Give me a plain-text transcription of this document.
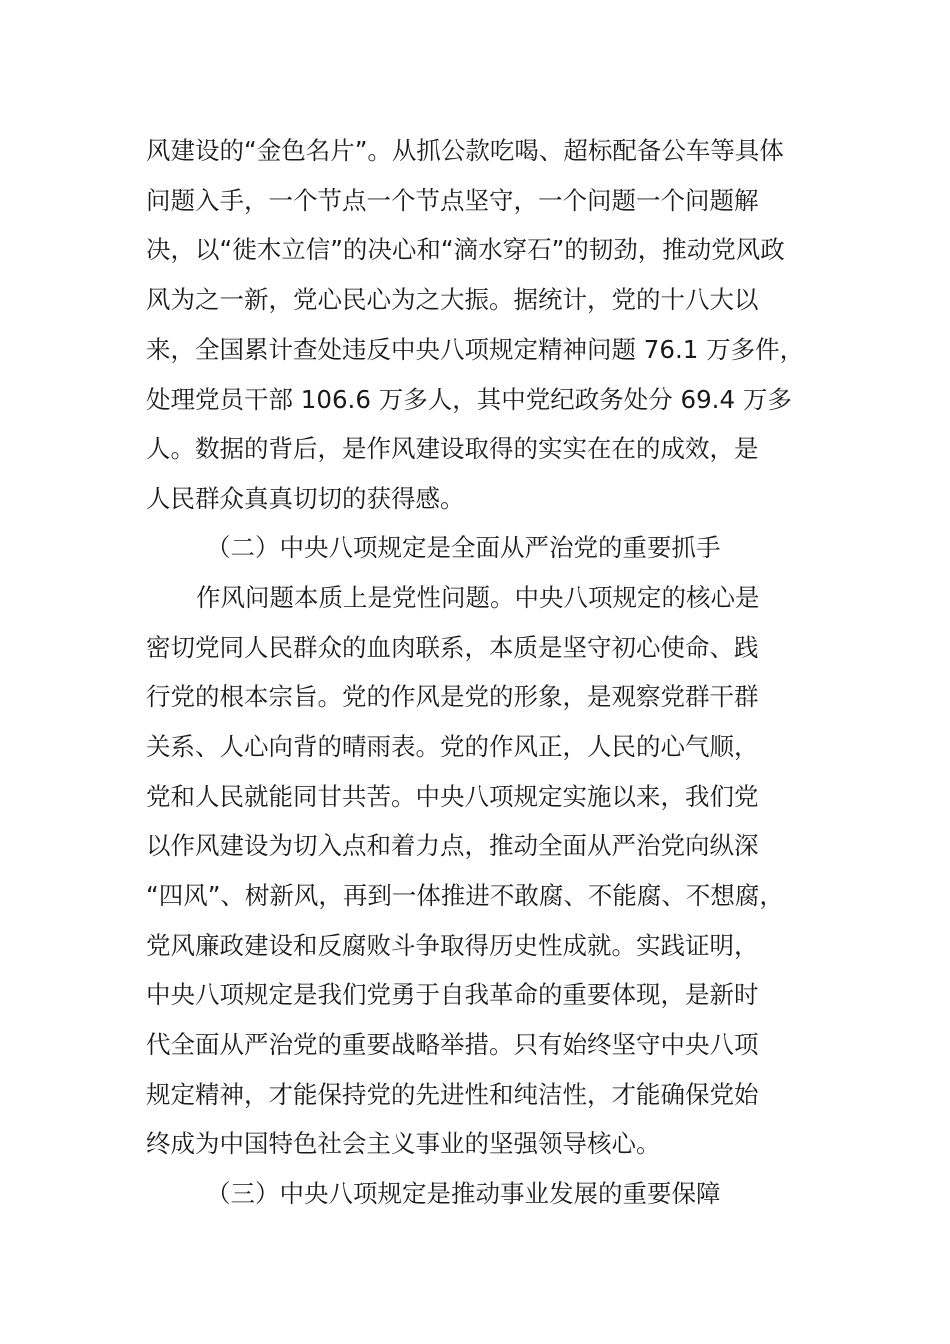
风建设的“金色名片”。从抓公款吃喝、超标配备公车等具体
问题入手，一个节点一个节点坚守，一个问题一个问题解
决，以“徙木立信”的决心和“滴水穿石”的韧劲，推动党风政
风为之一新，党心民心为之大振。据统计，党的十八大以
来，全国累计查处违反中央八项规定精神问题 76.1 万多件，
处理党员干部 106.6 万多人，其中党纪政务处分 69.4 万多
人。数据的背后，是作风建设取得的实实在在的成效，是
人民群众真真切切的获得感。
（二）中央八项规定是全面从严治党的重要抓手
作风问题本质上是党性问题。中央八项规定的核心是
密切党同人民群众的血肉联系，本质是坚守初心使命、践
行党的根本宗旨。党的作风是党的形象，是观察党群干群
关系、人心向背的晴雨表。党的作风正，人民的心气顺，
党和人民就能同甘共苦。中央八项规定实施以来，我们党
以作风建设为切入点和着力点，推动全面从严治党向纵深
“四风”、树新风，再到一体推进不敢腐、不能腐、不想腐，
党风廉政建设和反腐败斗争取得历史性成就。实践证明，
中央八项规定是我们党勇于自我革命的重要体现，是新时
代全面从严治党的重要战略举措。只有始终坚守中央八项
规定精神，才能保持党的先进性和纯洁性，才能确保党始
终成为中国特色社会主义事业的坚强领导核心。
（三）中央八项规定是推动事业发展的重要保障
